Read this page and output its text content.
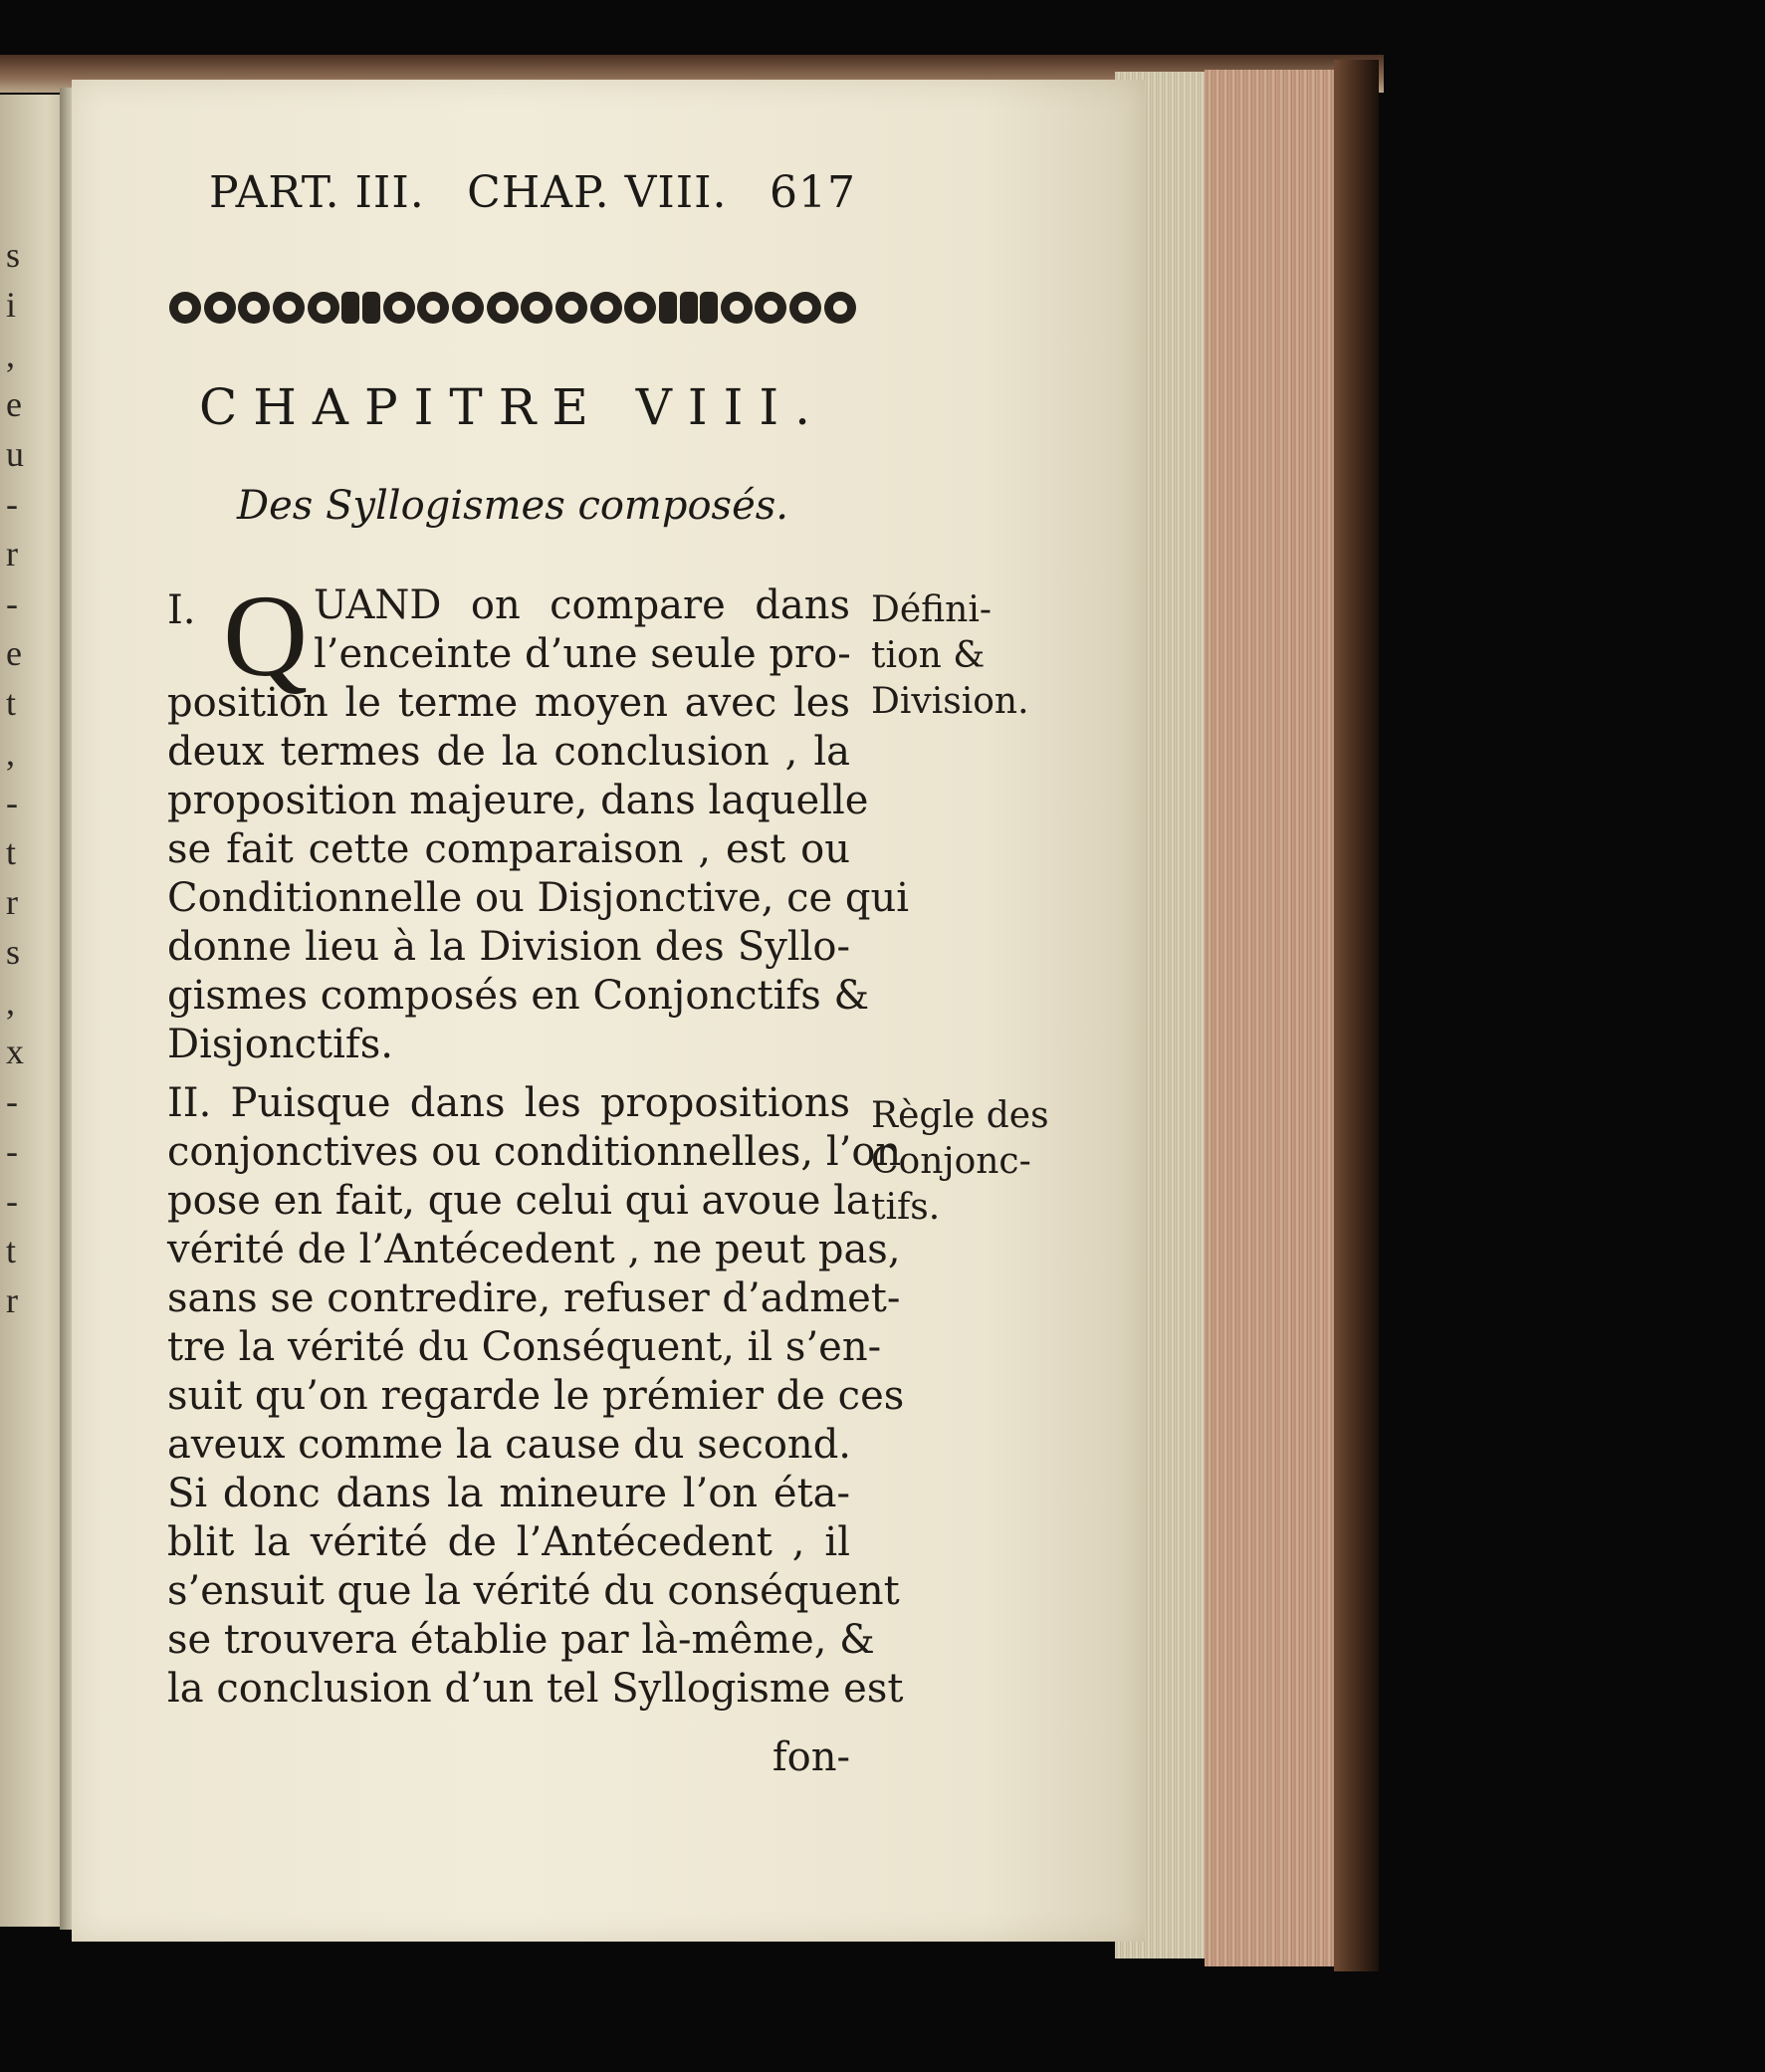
s
i
,
e
u
-
r
-
e
t
,
-
t
r
s
,
x
-
-
-
t
r
PART. III. CHAP. VIII. 617
CHAPITRE VIII.
Des Syllogismes composés.
I. Q UAND on compare dans
l’enceinte d’une seule pro-
position le terme moyen avec les
deux termes de la conclusion , la
proposition majeure, dans laquelle
se fait cette comparaison , est ou
Conditionnelle ou Disjonctive, ce qui
donne lieu à la Division des Syllo-
gismes composés en Conjonctifs &
Disjonctifs.
Défini-
tion &
Division.
II. Puisque dans les propositions
conjonctives ou conditionnelles, l’on
pose en fait, que celui qui avoue la
vérité de l’Antécedent , ne peut pas,
sans se contredire, refuser d’admet-
tre la vérité du Conséquent, il s’en-
suit qu’on regarde le prémier de ces
aveux comme la cause du second.
Si donc dans la mineure l’on éta-
blit la vérité de l’Antécedent , il
s’ensuit que la vérité du conséquent
se trouvera établie par là-même, &
la conclusion d’un tel Syllogisme est
Règle des
Conjonc-
tifs.
fon-
